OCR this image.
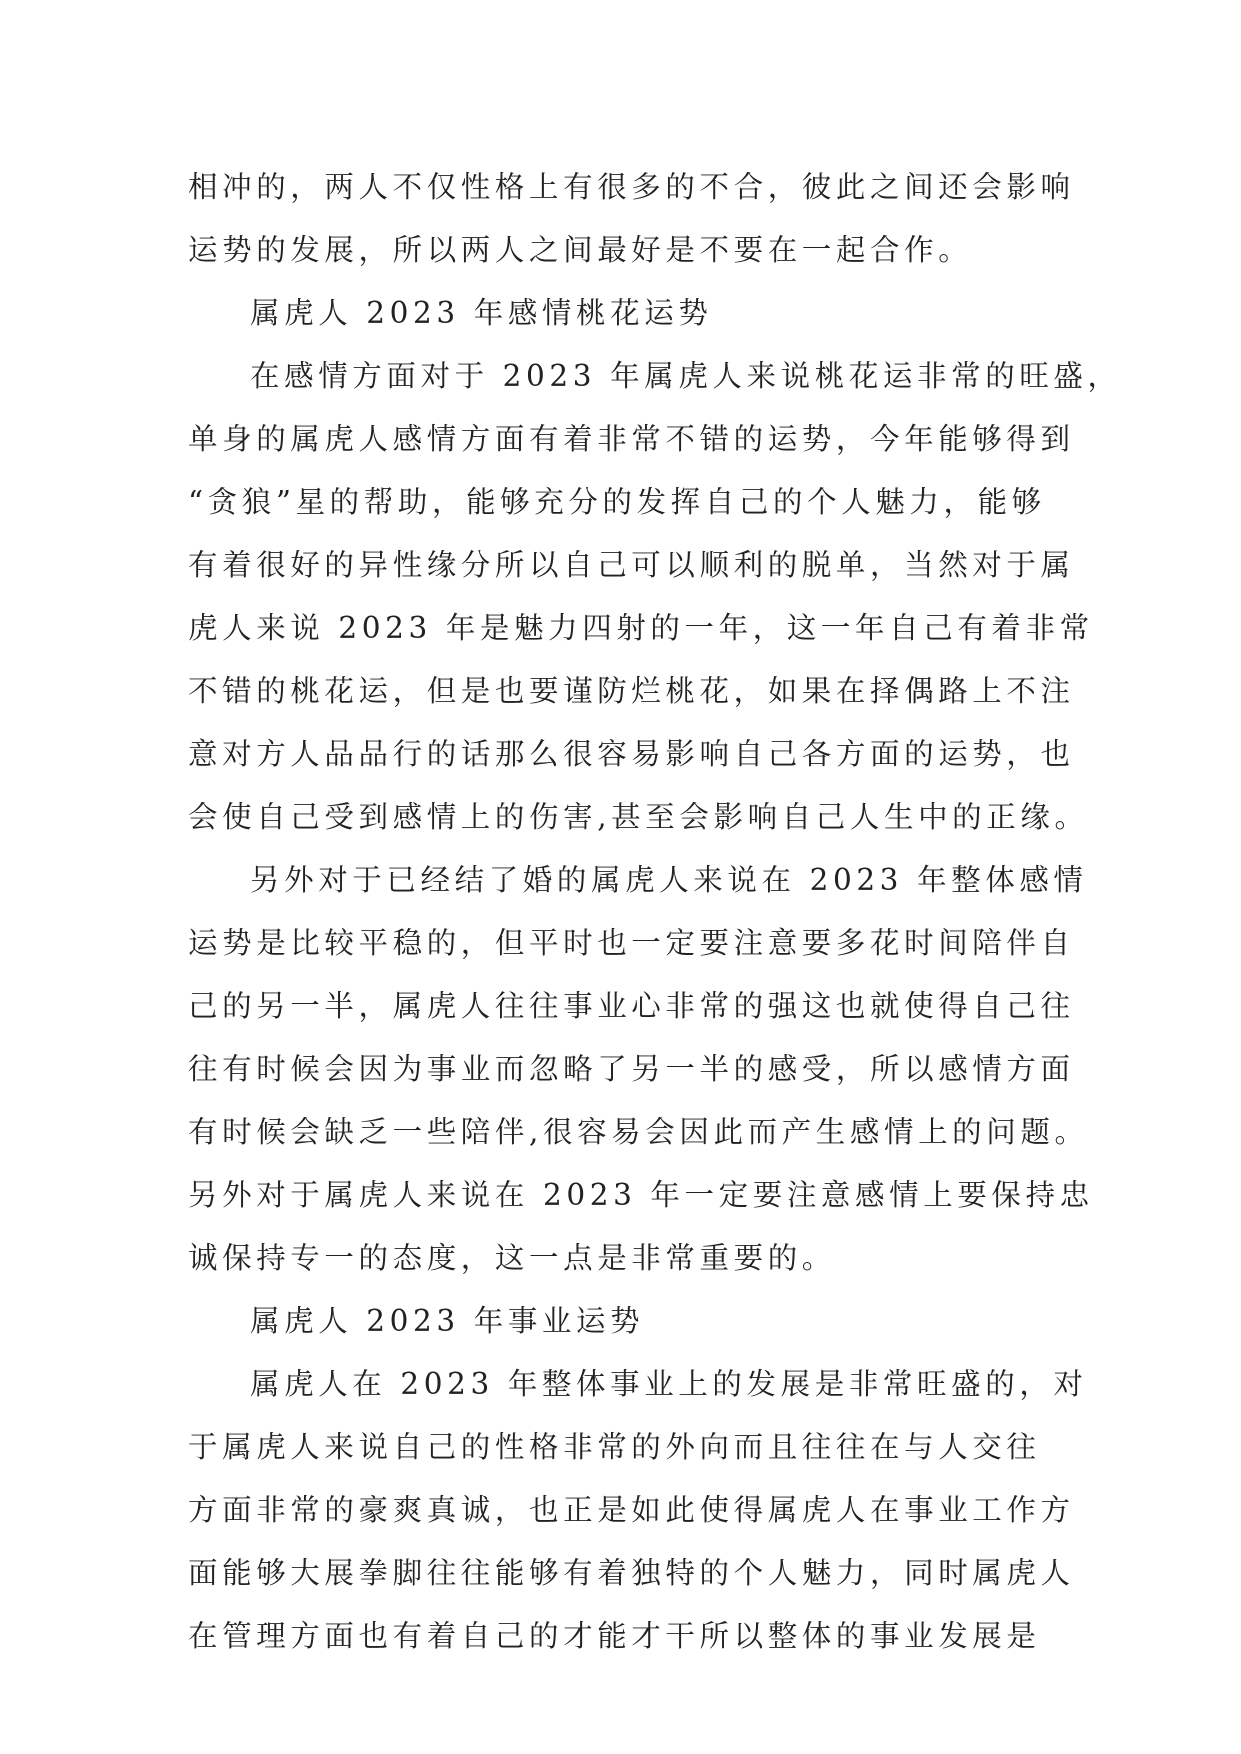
相冲的，两人不仅性格上有很多的不合，彼此之间还会影响
运势的发展，所以两人之间最好是不要在一起合作。
属虎人 2023 年感情桃花运势
在感情方面对于 2023 年属虎人来说桃花运非常的旺盛，
单身的属虎人感情方面有着非常不错的运势，今年能够得到
“贪狼”星的帮助，能够充分的发挥自己的个人魅力，能够
有着很好的异性缘分所以自己可以顺利的脱单，当然对于属
虎人来说 2023 年是魅力四射的一年，这一年自己有着非常
不错的桃花运，但是也要谨防烂桃花，如果在择偶路上不注
意对方人品品行的话那么很容易影响自己各方面的运势，也
会使自己受到感情上的伤害,甚至会影响自己人生中的正缘。
另外对于已经结了婚的属虎人来说在 2023 年整体感情
运势是比较平稳的，但平时也一定要注意要多花时间陪伴自
己的另一半，属虎人往往事业心非常的强这也就使得自己往
往有时候会因为事业而忽略了另一半的感受，所以感情方面
有时候会缺乏一些陪伴,很容易会因此而产生感情上的问题。
另外对于属虎人来说在 2023 年一定要注意感情上要保持忠
诚保持专一的态度，这一点是非常重要的。
属虎人 2023 年事业运势
属虎人在 2023 年整体事业上的发展是非常旺盛的，对
于属虎人来说自己的性格非常的外向而且往往在与人交往
方面非常的豪爽真诚，也正是如此使得属虎人在事业工作方
面能够大展拳脚往往能够有着独特的个人魅力，同时属虎人
在管理方面也有着自己的才能才干所以整体的事业发展是
